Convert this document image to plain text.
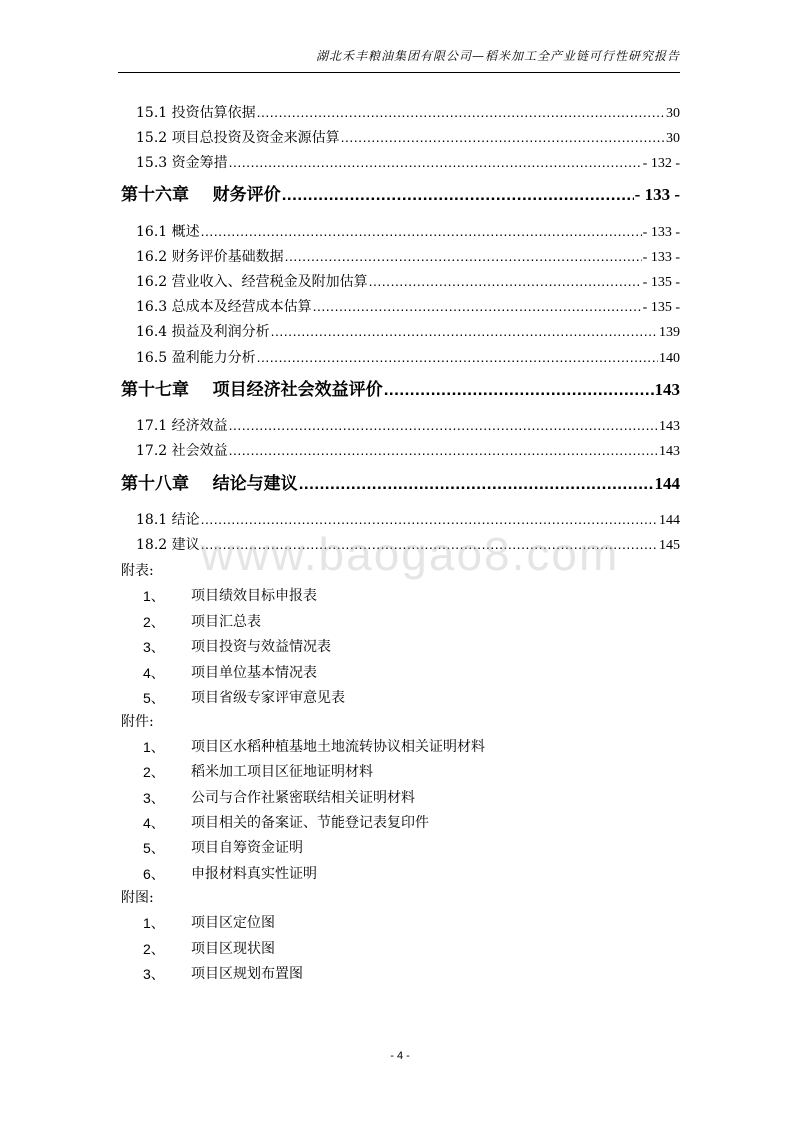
湖北禾丰粮油集团有限公司—稻米加工全产业链可行性研究报告
15.1 投资估算依据 .....	30
15.2 项目总投资及资金来源估算 .....	30
15.3 资金筹措 .....	- 132 -
第十六章    财务评价 .....	- 133 -
16.1 概述 .....	- 133 -
16.2 财务评价基础数据 .....	- 133 -
16.2 营业收入、经营税金及附加估算 .....	- 135 -
16.3 总成本及经营成本估算 .....	- 135 -
16.4 损益及利润分析 .....	139
16.5 盈利能力分析 .....	140
第十七章    项目经济社会效益评价 .....	143
17.1 经济效益 .....	143
17.2 社会效益 .....	143
第十八章    结论与建议 .....	144
18.1 结论 .....	144
18.2 建议 .....	145
附表:
1、	项目绩效目标申报表
2、	项目汇总表
3、	项目投资与效益情况表
4、	项目单位基本情况表
5、	项目省级专家评审意见表
附件:
1、	项目区水稻种植基地土地流转协议相关证明材料
2、	稻米加工项目区征地证明材料
3、	公司与合作社紧密联结相关证明材料
4、	项目相关的备案证、节能登记表复印件
5、	项目自筹资金证明
6、	申报材料真实性证明
附图:
1、	项目区定位图
2、	项目区现状图
3、	项目区规划布置图
www.baogao8.com
- 4 -
